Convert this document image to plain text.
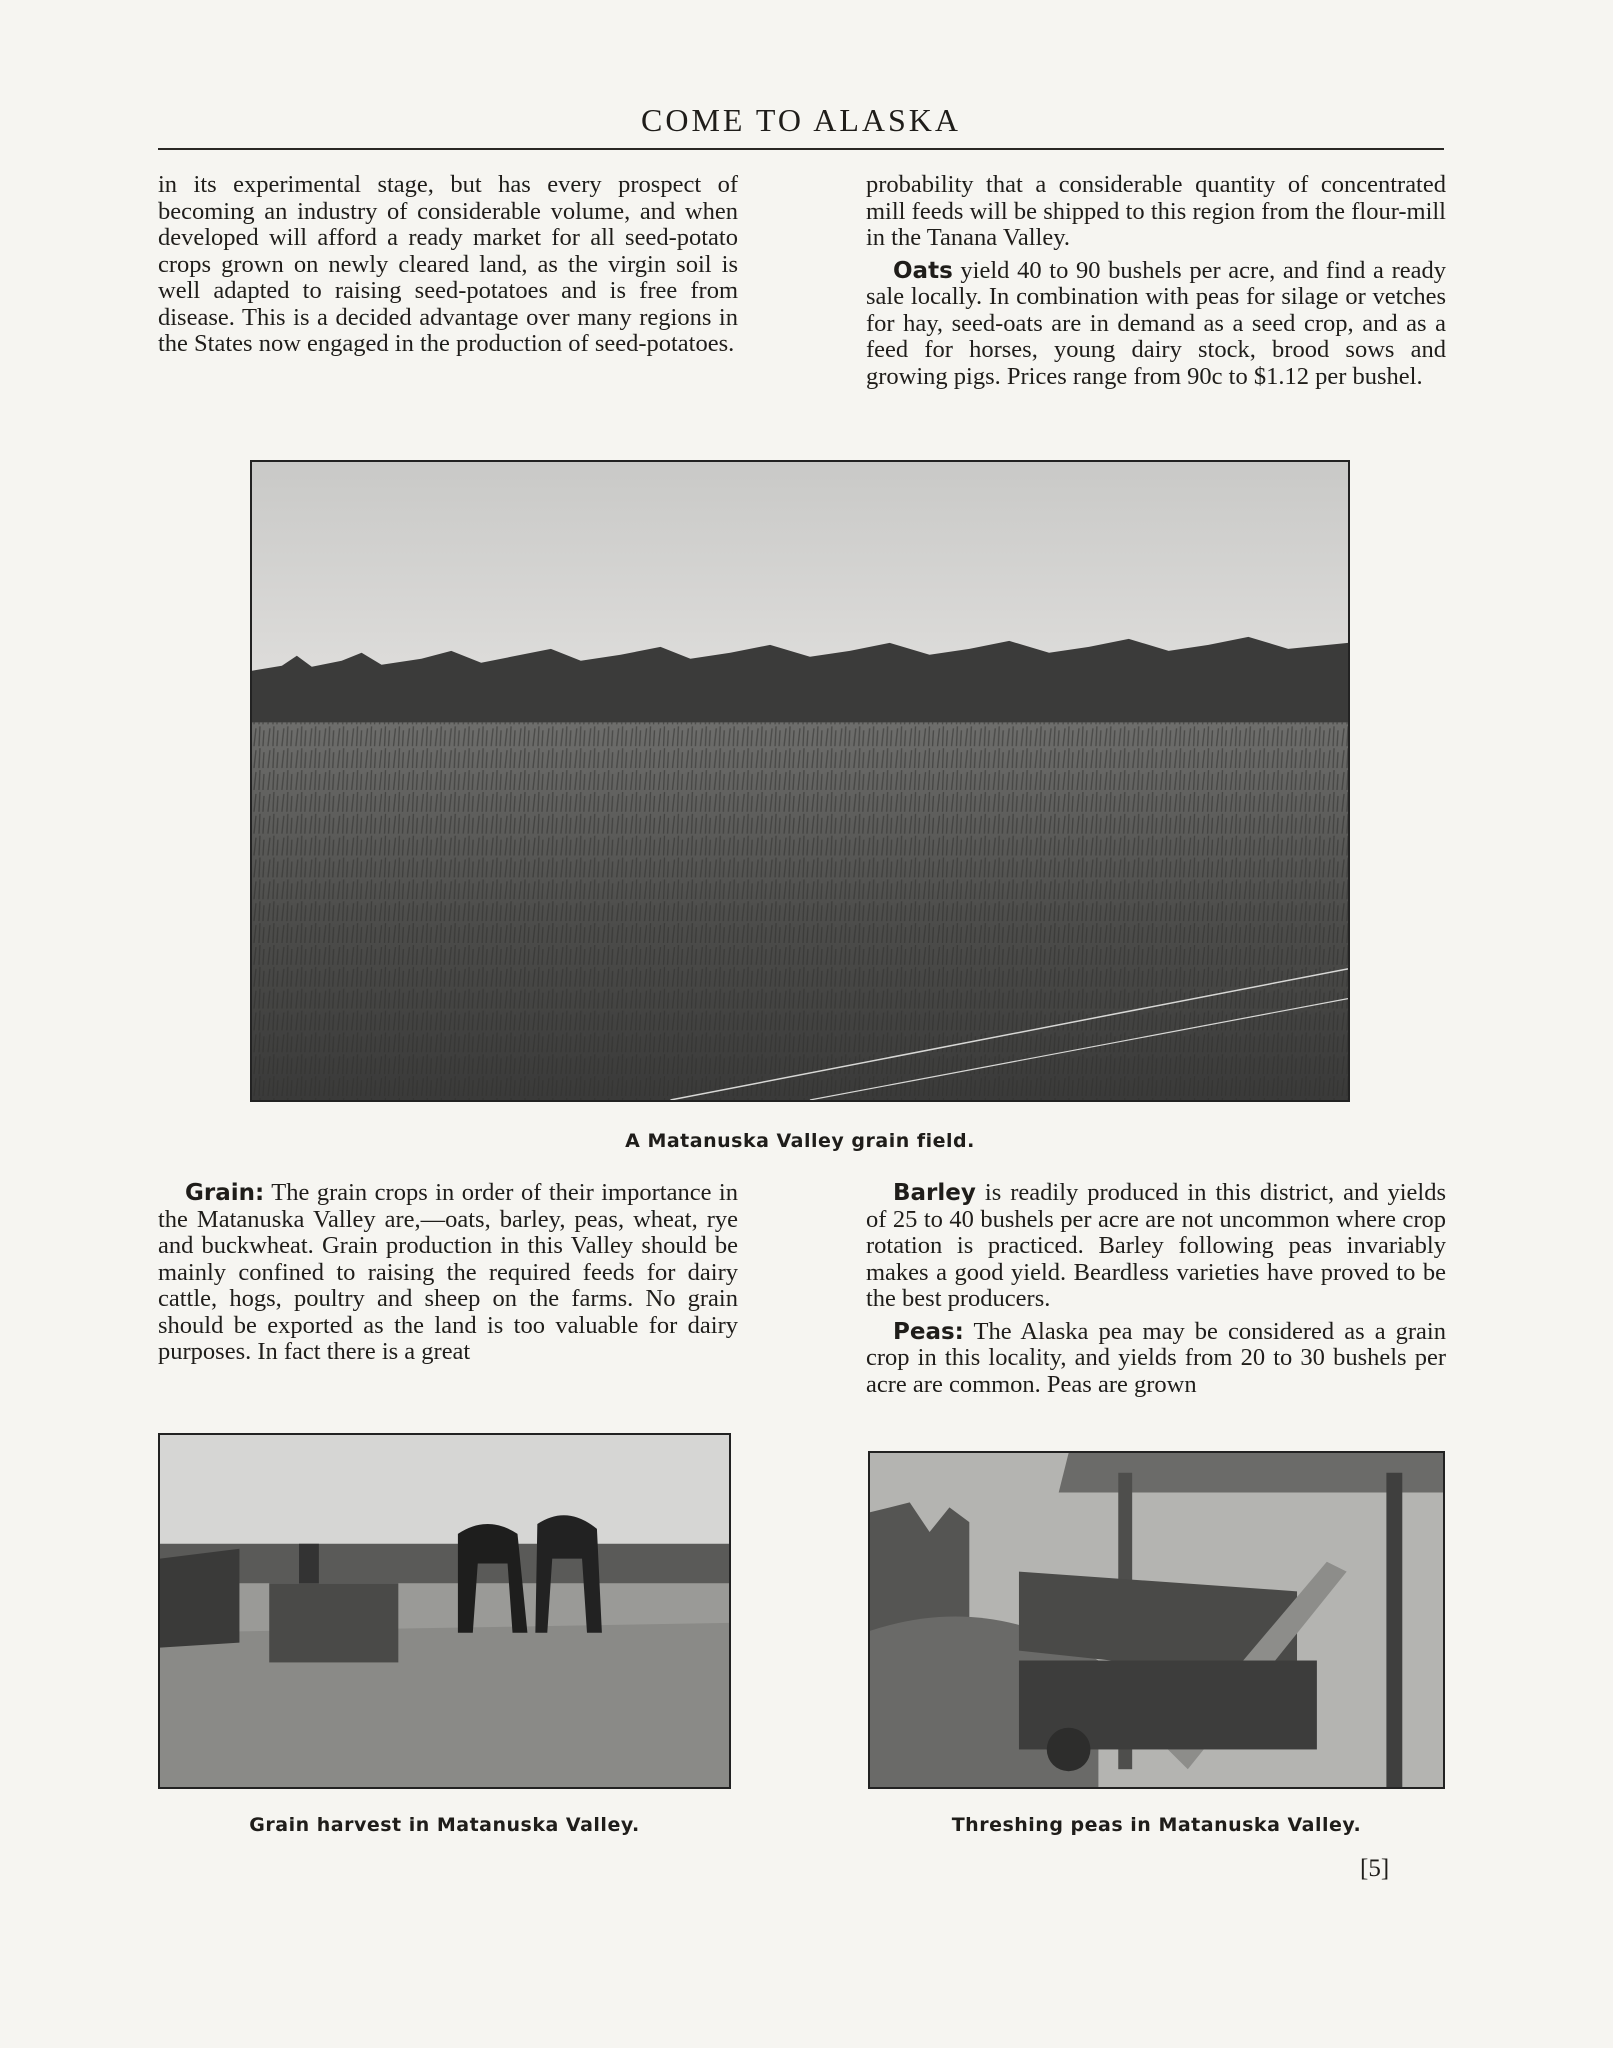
COME TO ALASKA

in its experimental stage, but has every prospect of becoming an industry of considerable volume, and when developed will afford a ready market for all seed-potato crops grown on newly cleared land, as the virgin soil is well adapted to raising seed-potatoes and is free from disease. This is a decided advantage over many regions in the States now engaged in the production of seed-potatoes.

probability that a considerable quantity of concentrated mill feeds will be shipped to this region from the flour-mill in the Tanana Valley.

Oats yield 40 to 90 bushels per acre, and find a ready sale locally. In combination with peas for silage or vetches for hay, seed-oats are in demand as a seed crop, and as a feed for horses, young dairy stock, brood sows and growing pigs. Prices range from 90c to $1.12 per bushel.

A Matanuska Valley grain field.

Grain: The grain crops in order of their importance in the Matanuska Valley are,—oats, barley, peas, wheat, rye and buckwheat. Grain production in this Valley should be mainly confined to raising the required feeds for dairy cattle, hogs, poultry and sheep on the farms. No grain should be exported as the land is too valuable for dairy purposes. In fact there is a great

Barley is readily produced in this district, and yields of 25 to 40 bushels per acre are not uncommon where crop rotation is practiced. Barley following peas invariably makes a good yield. Beardless varieties have proved to be the best producers.

Peas: The Alaska pea may be considered as a grain crop in this locality, and yields from 20 to 30 bushels per acre are common. Peas are grown

Grain harvest in Matanuska Valley.	Threshing peas in Matanuska Valley.
[5]
